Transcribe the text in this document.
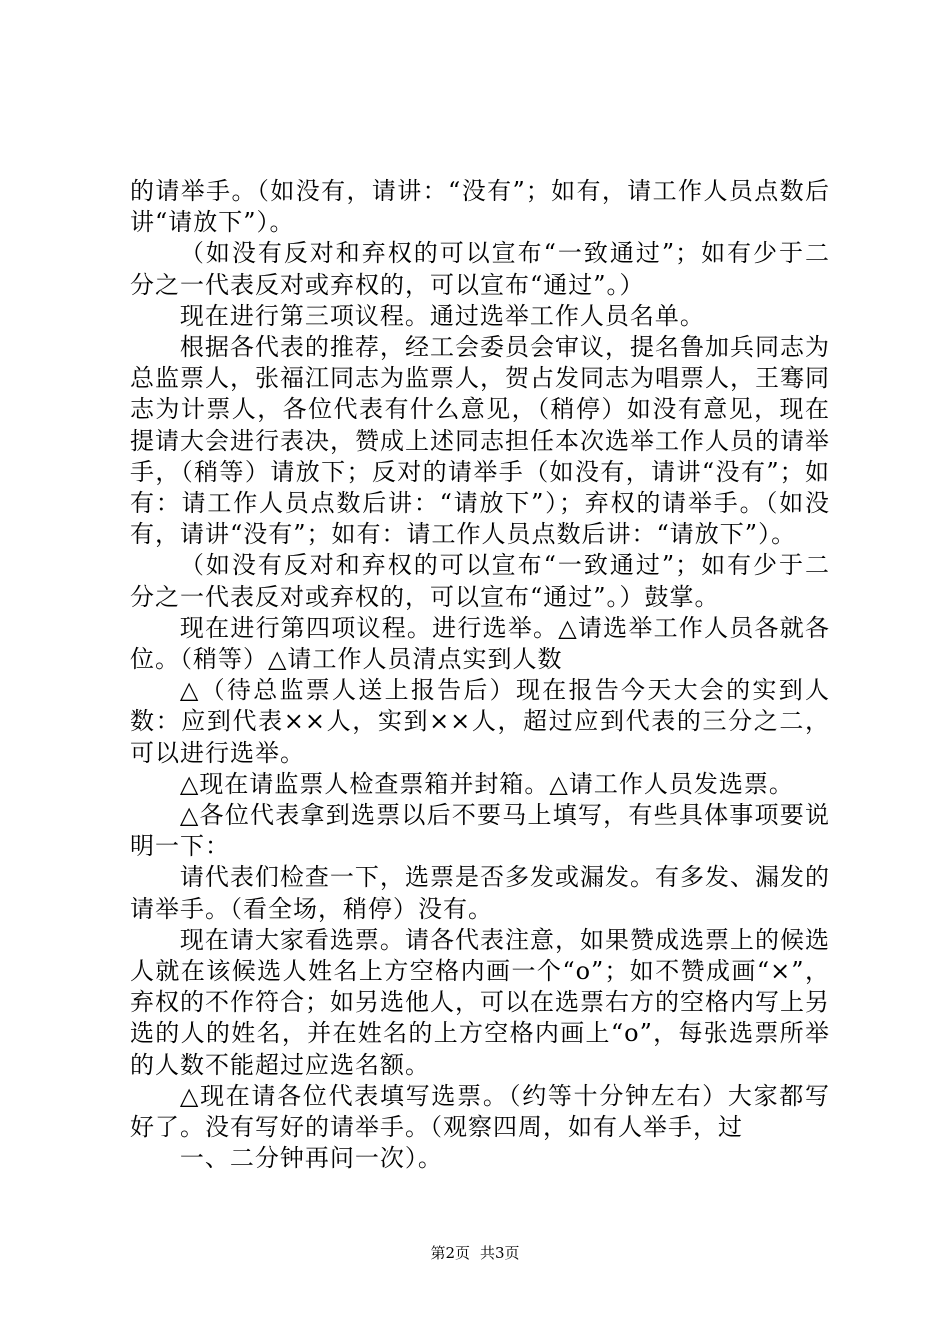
的请举手。（如没有，请讲：“没有”；如有，请工作人员点数后讲“请放下”）。

（如没有反对和弃权的可以宣布“一致通过”；如有少于二分之一代表反对或弃权的，可以宣布“通过”。）

现在进行第三项议程。通过选举工作人员名单。

根据各代表的推荐，经工会委员会审议，提名鲁加兵同志为总监票人，张福江同志为监票人，贺占发同志为唱票人，王骞同志为计票人，各位代表有什么意见，（稍停）如没有意见，现在提请大会进行表决，赞成上述同志担任本次选举工作人员的请举手，（稍等）请放下；反对的请举手（如没有，请讲“没有”；如有：请工作人员点数后讲：“请放下”）；弃权的请举手。（如没有，请讲“没有”；如有：请工作人员点数后讲：“请放下”）。

（如没有反对和弃权的可以宣布“一致通过”；如有少于二分之一代表反对或弃权的，可以宣布“通过”。）鼓掌。

现在进行第四项议程。进行选举。△请选举工作人员各就各位。（稍等）△请工作人员清点实到人数

△（待总监票人送上报告后）现在报告今天大会的实到人数：应到代表××人，实到××人，超过应到代表的三分之二，可以进行选举。

△现在请监票人检查票箱并封箱。△请工作人员发选票。

△各位代表拿到选票以后不要马上填写，有些具体事项要说明一下：

请代表们检查一下，选票是否多发或漏发。有多发、漏发的请举手。（看全场，稍停）没有。

现在请大家看选票。请各代表注意，如果赞成选票上的候选人就在该候选人姓名上方空格内画一个“o”；如不赞成画“×”，弃权的不作符合；如另选他人，可以在选票右方的空格内写上另选的人的姓名，并在姓名的上方空格内画上“o”，每张选票所举的人数不能超过应选名额。

△现在请各位代表填写选票。（约等十分钟左右）大家都写好了。没有写好的请举手。（观察四周，如有人举手，过

一、二分钟再问一次）。

第2页 共3页
